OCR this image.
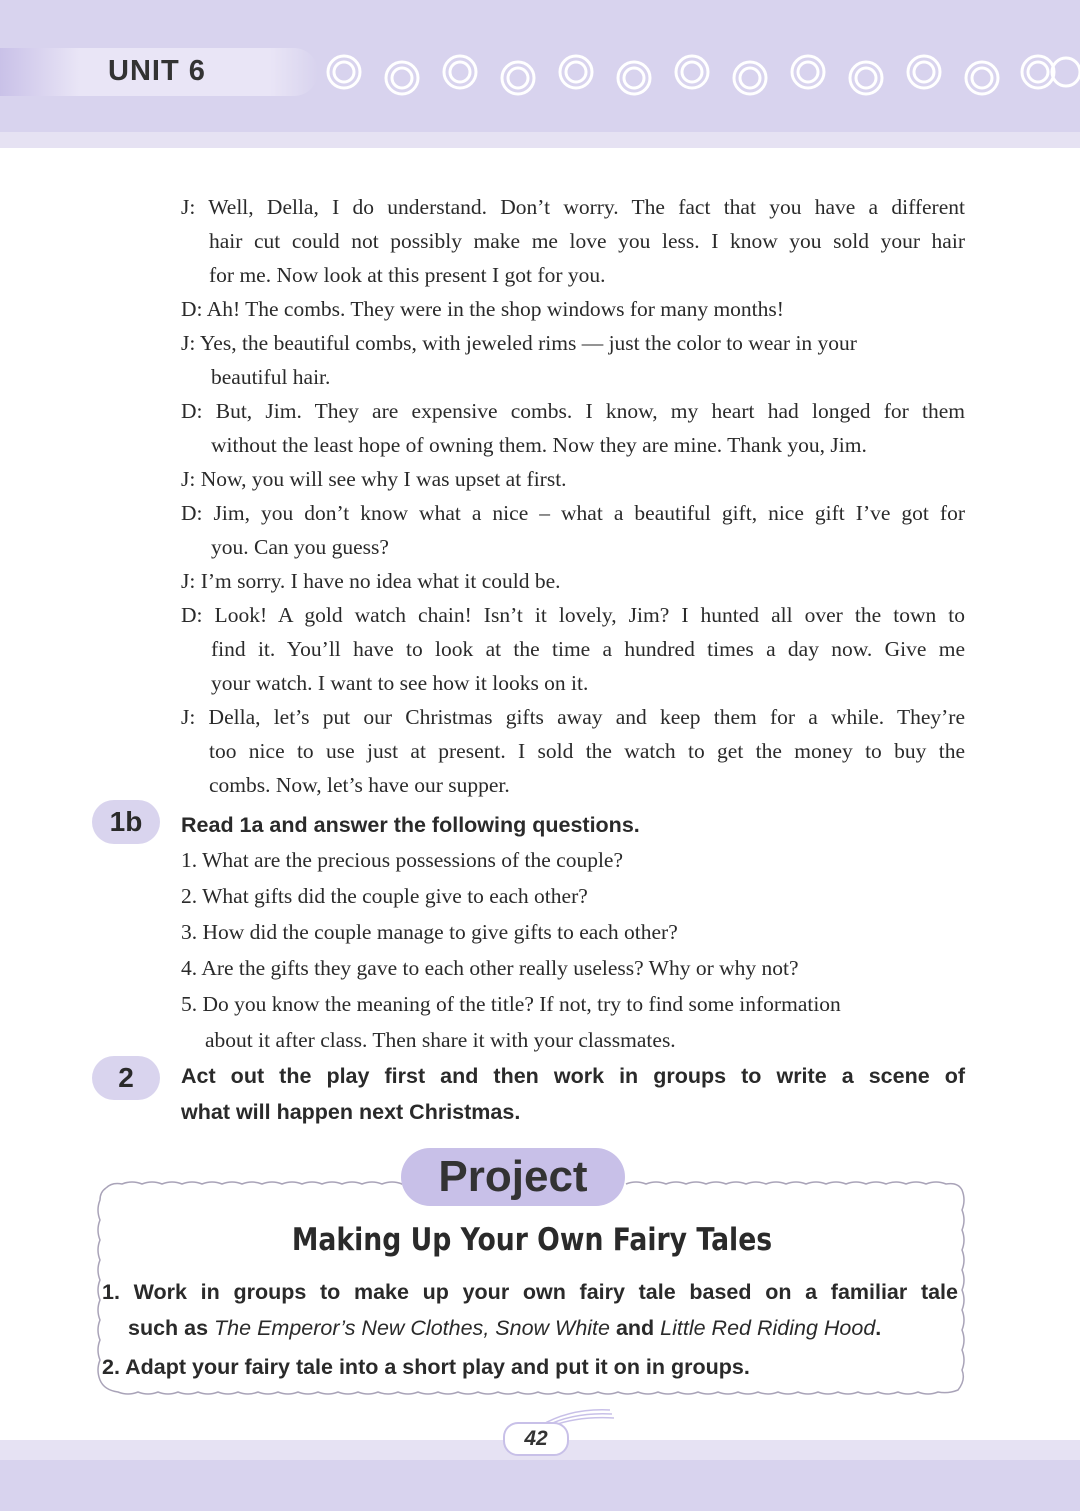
UNIT 6
J: Well, Della, I do understand. Don’t worry. The fact that you have a different
hair cut could not possibly make me love you less. I know you sold your hair
for me. Now look at this present I got for you.
D: Ah! The combs. They were in the shop windows for many months!
J: Yes, the beautiful combs, with jeweled rims — just the color to wear in your
beautiful hair.
D: But, Jim. They are expensive combs. I know, my heart had longed for them
without the least hope of owning them. Now they are mine. Thank you, Jim.
J: Now, you will see why I was upset at first.
D: Jim, you don’t know what a nice – what a beautiful gift, nice gift I’ve got for
you. Can you guess?
J: I’m sorry. I have no idea what it could be.
D: Look! A gold watch chain! Isn’t it lovely, Jim? I hunted all over the town to
find it. You’ll have to look at the time a hundred times a day now. Give me
your watch. I want to see how it looks on it.
J: Della, let’s put our Christmas gifts away and keep them for a while. They’re
too nice to use just at present. I sold the watch to get the money to buy the
combs. Now, let’s have our supper.
1b	Read 1a and answer the following questions.
1. What are the precious possessions of the couple?
2. What gifts did the couple give to each other?
3. How did the couple manage to give gifts to each other?
4. Are the gifts they gave to each other really useless? Why or why not?
5. Do you know the meaning of the title? If not, try to find some information
about it after class. Then share it with your classmates.
2	Act out the play first and then work in groups to write a scene of
what will happen next Christmas.
Project
Making Up Your Own Fairy Tales
1. Work in groups to make up your own fairy tale based on a familiar tale
such as The Emperor’s New Clothes, Snow White and Little Red Riding Hood.
2. Adapt your fairy tale into a short play and put it on in groups.
42
